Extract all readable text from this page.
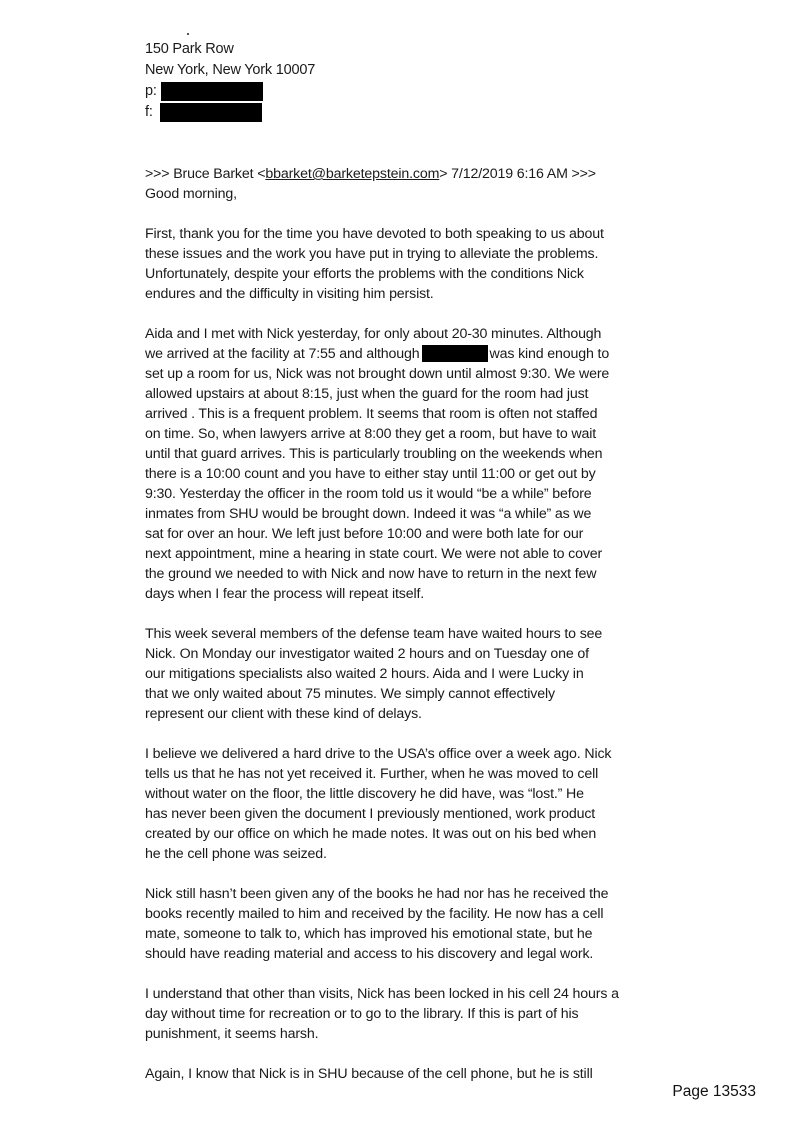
150 Park Row
New York, New York 10007
p:
f:
>>> Bruce Barket <bbarket@barketepstein.com> 7/12/2019 6:16 AM >>>
Good morning,
First, thank you for the time you have devoted to both speaking to us about
these issues and the work you have put in trying to alleviate the problems.
Unfortunately, despite your efforts the problems with the conditions Nick
endures and the difficulty in visiting him persist.
Aida and I met with Nick yesterday, for only about 20-30 minutes. Although
we arrived at the facility at 7:55 and although	was kind enough to
set up a room for us, Nick was not brought down until almost 9:30. We were
allowed upstairs at about 8:15, just when the guard for the room had just
arrived . This is a frequent problem. It seems that room is often not staffed
on time. So, when lawyers arrive at 8:00 they get a room, but have to wait
until that guard arrives. This is particularly troubling on the weekends when
there is a 10:00 count and you have to either stay until 11:00 or get out by
9:30. Yesterday the officer in the room told us it would “be a while” before
inmates from SHU would be brought down. Indeed it was “a while” as we
sat for over an hour. We left just before 10:00 and were both late for our
next appointment, mine a hearing in state court. We were not able to cover
the ground we needed to with Nick and now have to return in the next few
days when I fear the process will repeat itself.
This week several members of the defense team have waited hours to see
Nick. On Monday our investigator waited 2 hours and on Tuesday one of
our mitigations specialists also waited 2 hours. Aida and I were Lucky in
that we only waited about 75 minutes. We simply cannot effectively
represent our client with these kind of delays.
I believe we delivered a hard drive to the USA’s office over a week ago. Nick
tells us that he has not yet received it. Further, when he was moved to cell
without water on the floor, the little discovery he did have, was “lost.” He
has never been given the document I previously mentioned, work product
created by our office on which he made notes. It was out on his bed when
he the cell phone was seized.
Nick still hasn’t been given any of the books he had nor has he received the
books recently mailed to him and received by the facility. He now has a cell
mate, someone to talk to, which has improved his emotional state, but he
should have reading material and access to his discovery and legal work.
I understand that other than visits, Nick has been locked in his cell 24 hours a
day without time for recreation or to go to the library. If this is part of his
punishment, it seems harsh.
Again, I know that Nick is in SHU because of the cell phone, but he is still
Page 13533
